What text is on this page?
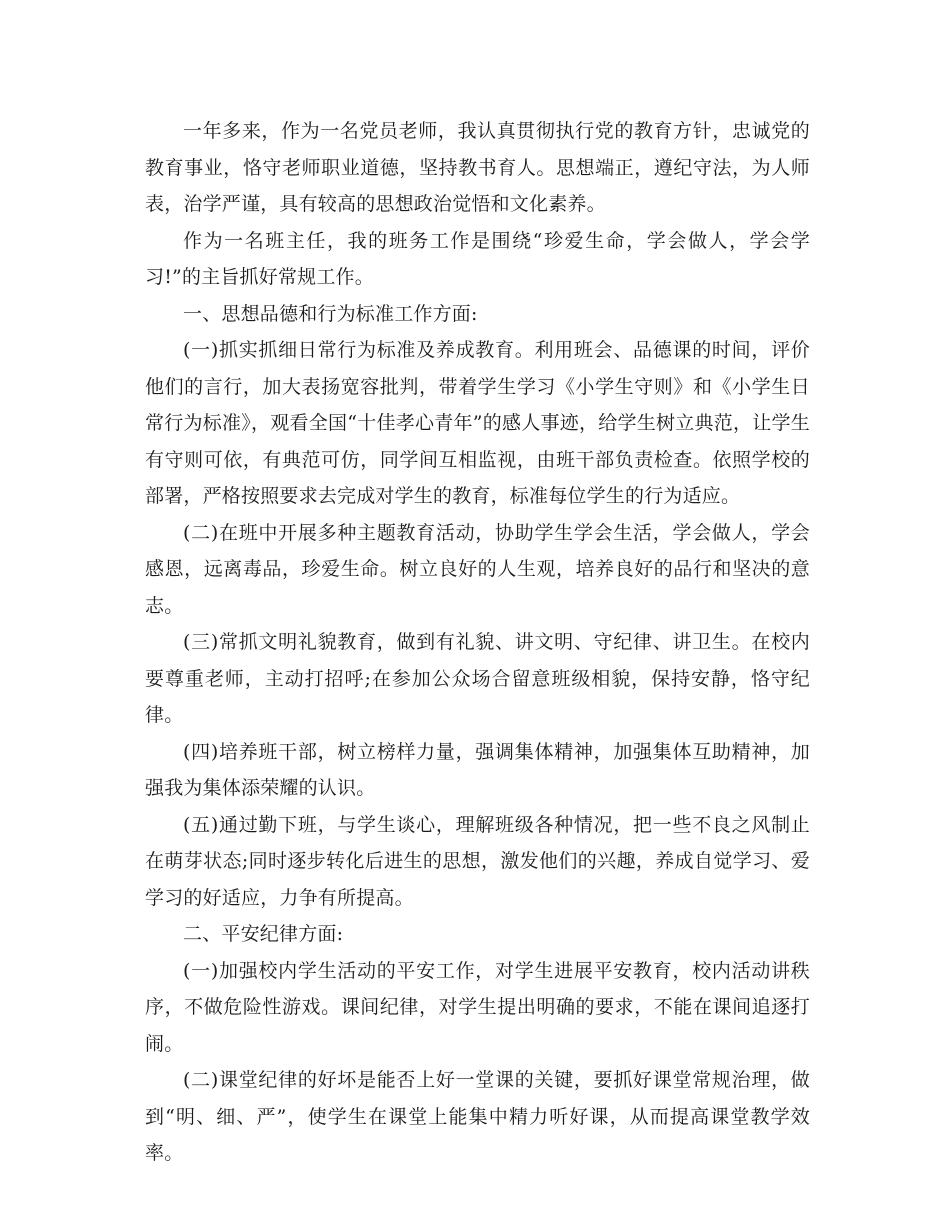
一年多来，作为一名党员老师，我认真贯彻执行党的教育方针，忠诚党的教育事业，恪守老师职业道德，坚持教书育人。思想端正，遵纪守法，为人师表，治学严谨，具有较高的思想政治觉悟和文化素养。

作为一名班主任，我的班务工作是围绕“珍爱生命，学会做人，学会学习!”的主旨抓好常规工作。

一、思想品德和行为标准工作方面:

(一)抓实抓细日常行为标准及养成教育。利用班会、品德课的时间，评价他们的言行，加大表扬宽容批判，带着学生学习《小学生守则》和《小学生日常行为标准》，观看全国“十佳孝心青年”的感人事迹，给学生树立典范，让学生有守则可依，有典范可仿，同学间互相监视，由班干部负责检查。依照学校的部署，严格按照要求去完成对学生的教育，标准每位学生的行为适应。

(二)在班中开展多种主题教育活动，协助学生学会生活，学会做人，学会感恩，远离毒品，珍爱生命。树立良好的人生观，培养良好的品行和坚决的意志。

(三)常抓文明礼貌教育，做到有礼貌、讲文明、守纪律、讲卫生。在校内要尊重老师，主动打招呼;在参加公众场合留意班级相貌，保持安静，恪守纪律。

(四)培养班干部，树立榜样力量，强调集体精神，加强集体互助精神，加强我为集体添荣耀的认识。

(五)通过勤下班，与学生谈心，理解班级各种情况，把一些不良之风制止在萌芽状态;同时逐步转化后进生的思想，激发他们的兴趣，养成自觉学习、爱学习的好适应，力争有所提高。

二、平安纪律方面:

(一)加强校内学生活动的平安工作，对学生进展平安教育，校内活动讲秩序，不做危险性游戏。课间纪律，对学生提出明确的要求，不能在课间追逐打闹。

(二)课堂纪律的好坏是能否上好一堂课的关键，要抓好课堂常规治理，做到“明、细、严”，使学生在课堂上能集中精力听好课，从而提高课堂教学效率。
